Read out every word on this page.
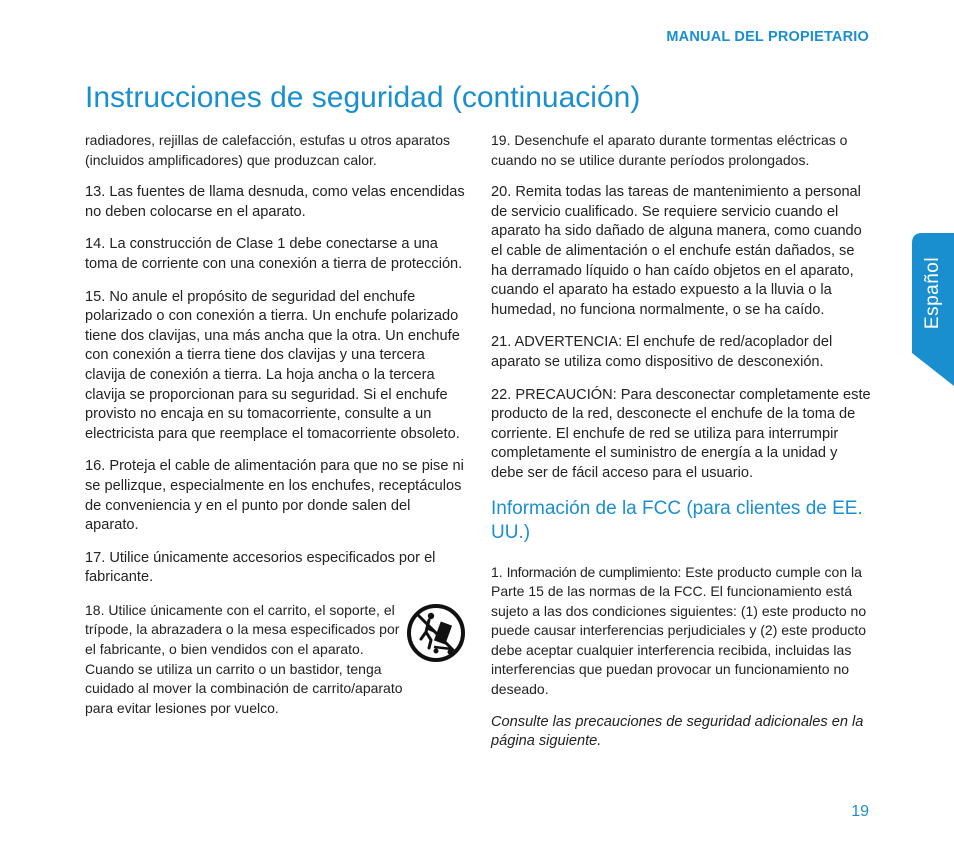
MANUAL DEL PROPIETARIO
Instrucciones de seguridad (continuación)

radiadores, rejillas de calefacción, estufas u otros aparatos (incluidos amplificadores) que produzcan calor.

13. Las fuentes de llama desnuda, como velas encendidas no deben colocarse en el aparato.

14. La construcción de Clase 1 debe conectarse a una toma de corriente con una conexión a tierra de protección.

15. No anule el propósito de seguridad del enchufe polarizado o con conexión a tierra. Un enchufe polarizado tiene dos clavijas, una más ancha que la otra. Un enchufe con conexión a tierra tiene dos clavijas y una tercera clavija de conexión a tierra. La hoja ancha o la tercera clavija se proporcionan para su seguridad. Si el enchufe provisto no encaja en su tomacorriente, consulte a un electricista para que reemplace el tomacorriente obsoleto.

16. Proteja el cable de alimentación para que no se pise ni se pellizque, especialmente en los enchufes, receptáculos de conveniencia y en el punto por donde salen del aparato.

17. Utilice únicamente accesorios especificados por el fabricante.

18. Utilice únicamente con el carrito, el soporte, el trípode, la abrazadera o la mesa especificados por el fabricante, o bien vendidos con el aparato. Cuando se utiliza un carrito o un bastidor, tenga cuidado al mover la combinación de carrito/aparato para evitar lesiones por vuelco.

19. Desenchufe el aparato durante tormentas eléctricas o cuando no se utilice durante períodos prolongados.

20. Remita todas las tareas de mantenimiento a personal de servicio cualificado. Se requiere servicio cuando el aparato ha sido dañado de alguna manera, como cuando el cable de alimentación o el enchufe están dañados, se ha derramado líquido o han caído objetos en el aparato, cuando el aparato ha estado expuesto a la lluvia o la humedad, no funciona normalmente, o se ha caído.

21. ADVERTENCIA: El enchufe de red/acoplador del aparato se utiliza como dispositivo de desconexión.

22. PRECAUCIÓN: Para desconectar completamente este producto de la red, desconecte el enchufe de la toma de corriente. El enchufe de red se utiliza para interrumpir completamente el suministro de energía a la unidad y debe ser de fácil acceso para el usuario.

Información de la FCC (para clientes de EE. UU.)

1. Información de cumplimiento: Este producto cumple con la Parte 15 de las normas de la FCC. El funcionamiento está sujeto a las dos condiciones siguientes: (1) este producto no puede causar interferencias perjudiciales y (2) este producto debe aceptar cualquier interferencia recibida, incluidas las interferencias que puedan provocar un funcionamiento no deseado.

Consulte las precauciones de seguridad adicionales en la página siguiente.

Español
19
